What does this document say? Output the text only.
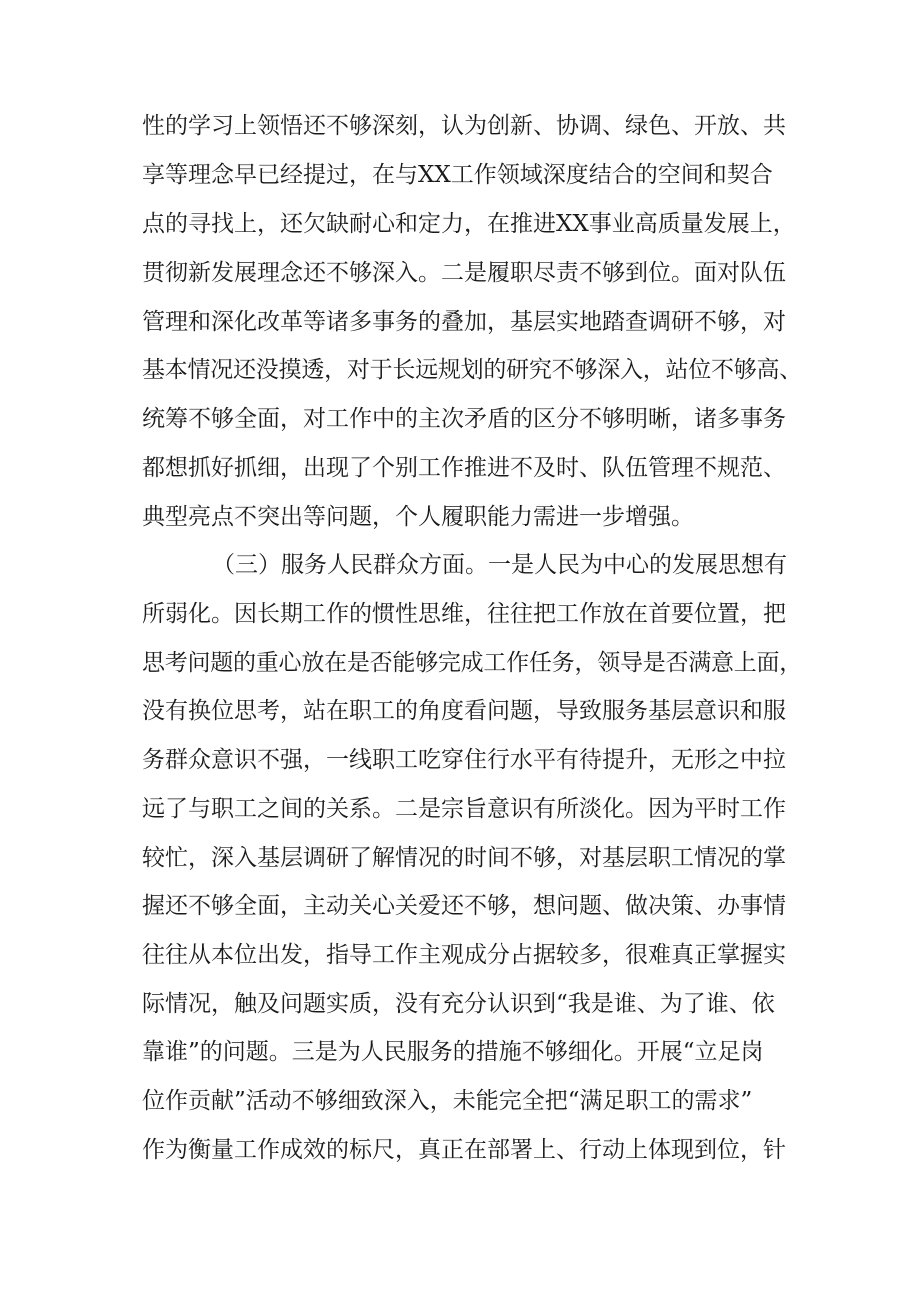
性的学习上领悟还不够深刻，认为创新、协调、绿色、开放、共
享等理念早已经提过，在与XX工作领域深度结合的空间和契合
点的寻找上，还欠缺耐心和定力，在推进XX事业高质量发展上，
贯彻新发展理念还不够深入。二是履职尽责不够到位。面对队伍
管理和深化改革等诸多事务的叠加，基层实地踏查调研不够，对
基本情况还没摸透，对于长远规划的研究不够深入，站位不够高、
统筹不够全面，对工作中的主次矛盾的区分不够明晰，诸多事务
都想抓好抓细，出现了个别工作推进不及时、队伍管理不规范、
典型亮点不突出等问题，个人履职能力需进一步增强。
（三）服务人民群众方面。一是人民为中心的发展思想有
所弱化。因长期工作的惯性思维，往往把工作放在首要位置，把
思考问题的重心放在是否能够完成工作任务，领导是否满意上面，
没有换位思考，站在职工的角度看问题，导致服务基层意识和服
务群众意识不强，一线职工吃穿住行水平有待提升，无形之中拉
远了与职工之间的关系。二是宗旨意识有所淡化。因为平时工作
较忙，深入基层调研了解情况的时间不够，对基层职工情况的掌
握还不够全面，主动关心关爱还不够，想问题、做决策、办事情
往往从本位出发，指导工作主观成分占据较多，很难真正掌握实
际情况，触及问题实质，没有充分认识到“我是谁、为了谁、依
靠谁”的问题。三是为人民服务的措施不够细化。开展“立足岗
位作贡献”活动不够细致深入，未能完全把“满足职工的需求”
作为衡量工作成效的标尺，真正在部署上、行动上体现到位，针
